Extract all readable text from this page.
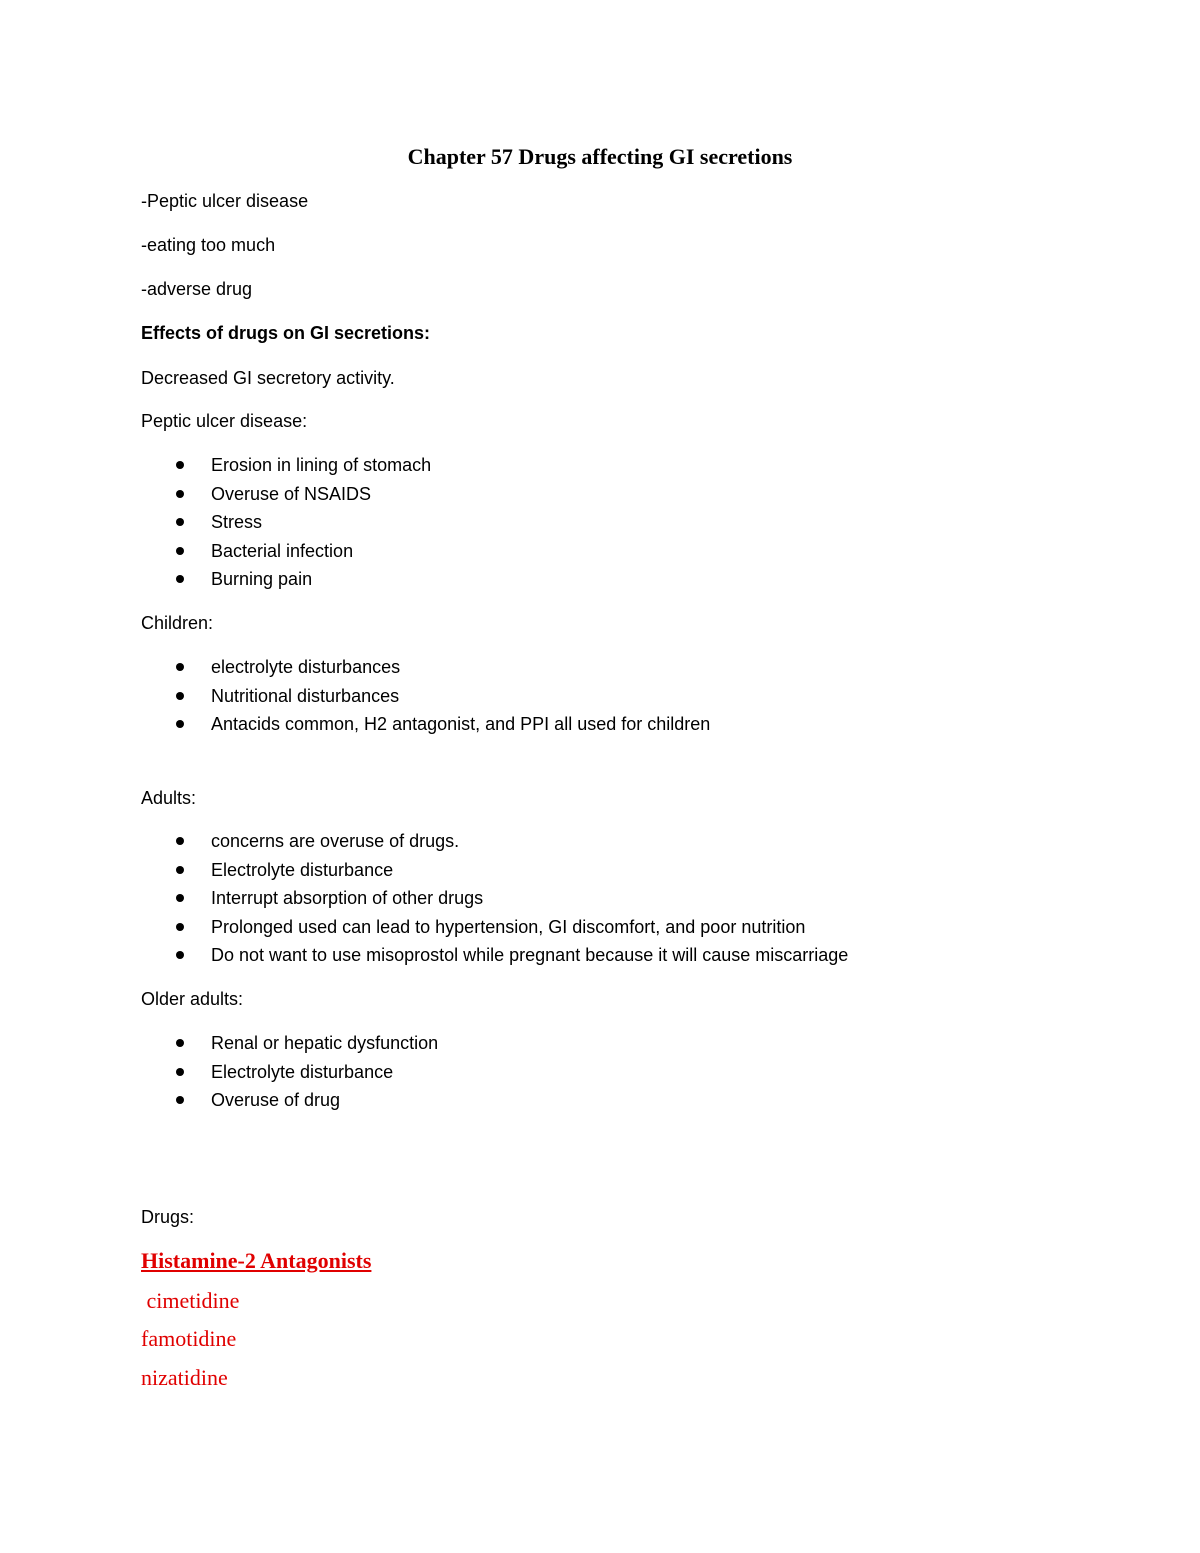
Chapter 57 Drugs affecting GI secretions

-Peptic ulcer disease

-eating too much

-adverse drug

Effects of drugs on GI secretions:

Decreased GI secretory activity.

Peptic ulcer disease:

Erosion in lining of stomach
Overuse of NSAIDS
Stress
Bacterial infection
Burning pain

Children:

electrolyte disturbances
Nutritional disturbances
Antacids common, H2 antagonist, and PPI all used for children

Adults:

concerns are overuse of drugs.
Electrolyte disturbance
Interrupt absorption of other drugs
Prolonged used can lead to hypertension, GI discomfort, and poor nutrition
Do not want to use misoprostol while pregnant because it will cause miscarriage

Older adults:

Renal or hepatic dysfunction
Electrolyte disturbance
Overuse of drug

Drugs:

Histamine-2 Antagonists

cimetidine

famotidine

nizatidine
